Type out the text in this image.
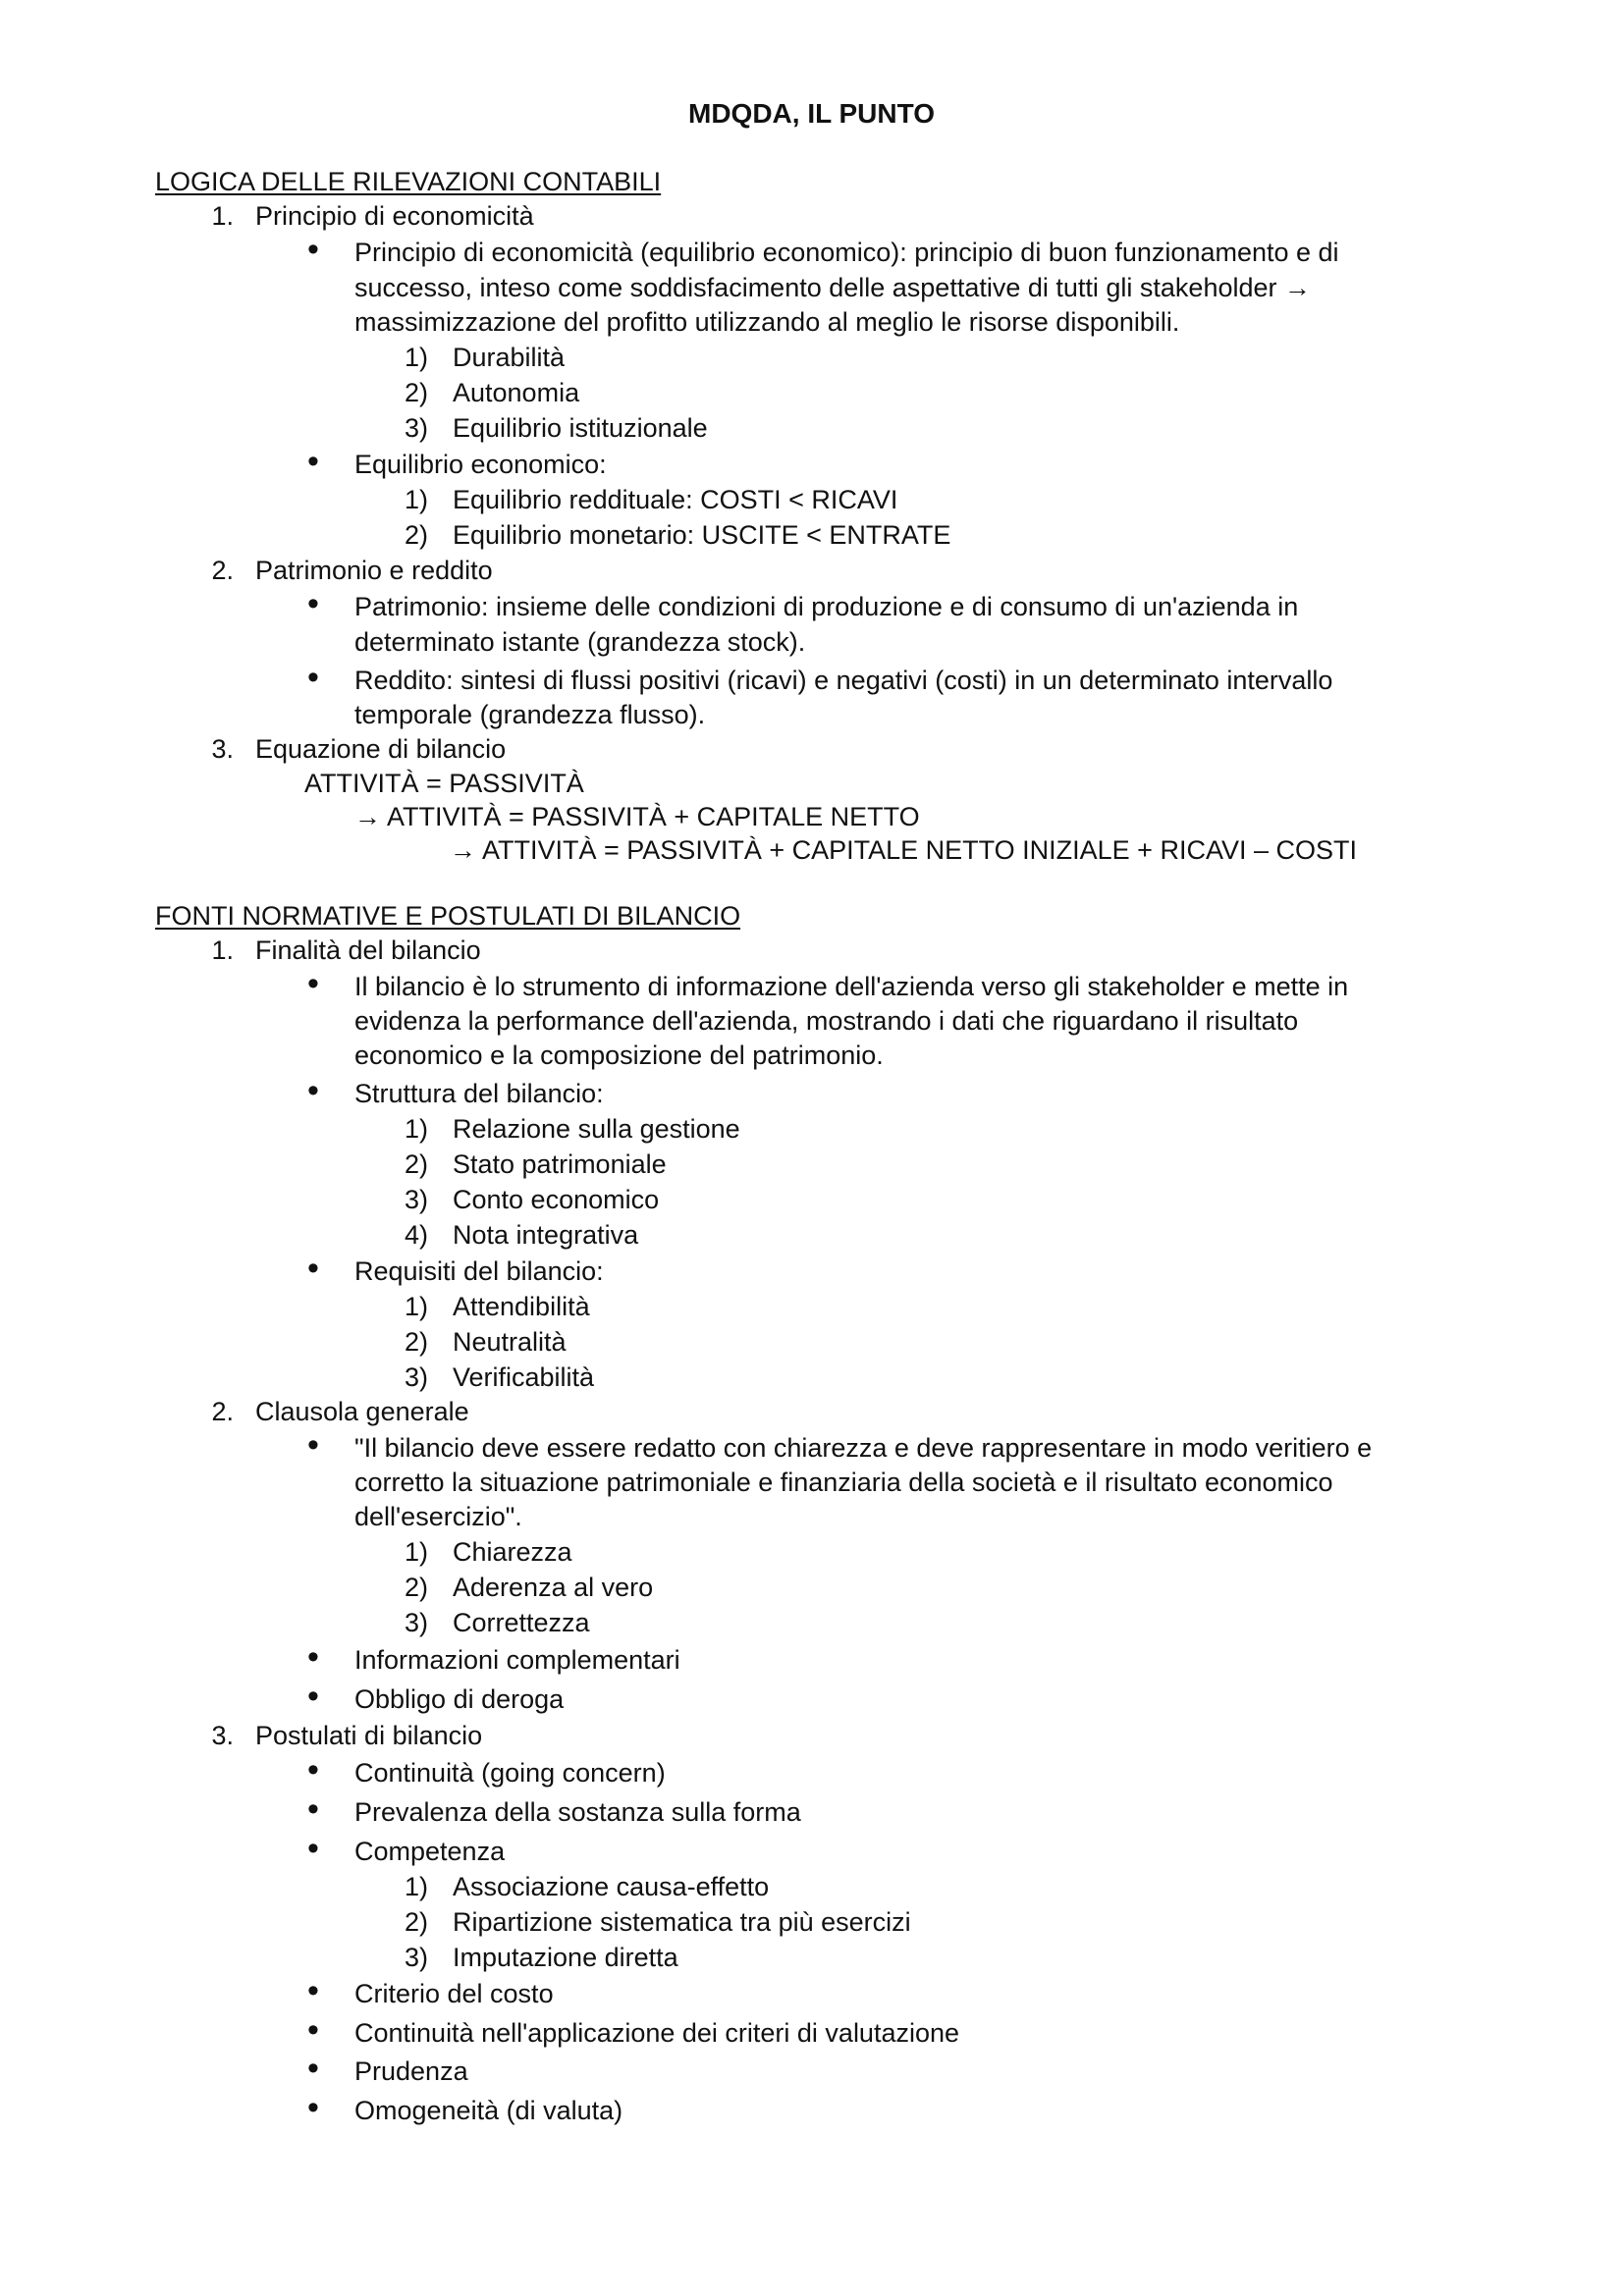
MDQDA, IL PUNTO
LOGICA DELLE RILEVAZIONI CONTABILI
1. Principio di economicità
• Principio di economicità (equilibrio economico): principio di buon funzionamento e di
successo, inteso come soddisfacimento delle aspettative di tutti gli stakeholder →
massimizzazione del profitto utilizzando al meglio le risorse disponibili.
1) Durabilità
2) Autonomia
3) Equilibrio istituzionale
• Equilibrio economico:
1) Equilibrio reddituale: COSTI < RICAVI
2) Equilibrio monetario: USCITE < ENTRATE
2. Patrimonio e reddito
• Patrimonio: insieme delle condizioni di produzione e di consumo di un'azienda in
determinato istante (grandezza stock).
• Reddito: sintesi di flussi positivi (ricavi) e negativi (costi) in un determinato intervallo
temporale (grandezza flusso).
3. Equazione di bilancio
ATTIVITÀ = PASSIVITÀ
→ ATTIVITÀ = PASSIVITÀ + CAPITALE NETTO
→ ATTIVITÀ = PASSIVITÀ + CAPITALE NETTO INIZIALE + RICAVI – COSTI
FONTI NORMATIVE E POSTULATI DI BILANCIO
1. Finalità del bilancio
• Il bilancio è lo strumento di informazione dell'azienda verso gli stakeholder e mette in
evidenza la performance dell'azienda, mostrando i dati che riguardano il risultato
economico e la composizione del patrimonio.
• Struttura del bilancio:
1) Relazione sulla gestione
2) Stato patrimoniale
3) Conto economico
4) Nota integrativa
• Requisiti del bilancio:
1) Attendibilità
2) Neutralità
3) Verificabilità
2. Clausola generale
• "Il bilancio deve essere redatto con chiarezza e deve rappresentare in modo veritiero e
corretto la situazione patrimoniale e finanziaria della società e il risultato economico
dell'esercizio".
1) Chiarezza
2) Aderenza al vero
3) Correttezza
• Informazioni complementari
• Obbligo di deroga
3. Postulati di bilancio
• Continuità (going concern)
• Prevalenza della sostanza sulla forma
• Competenza
1) Associazione causa-effetto
2) Ripartizione sistematica tra più esercizi
3) Imputazione diretta
• Criterio del costo
• Continuità nell'applicazione dei criteri di valutazione
• Prudenza
• Omogeneità (di valuta)
